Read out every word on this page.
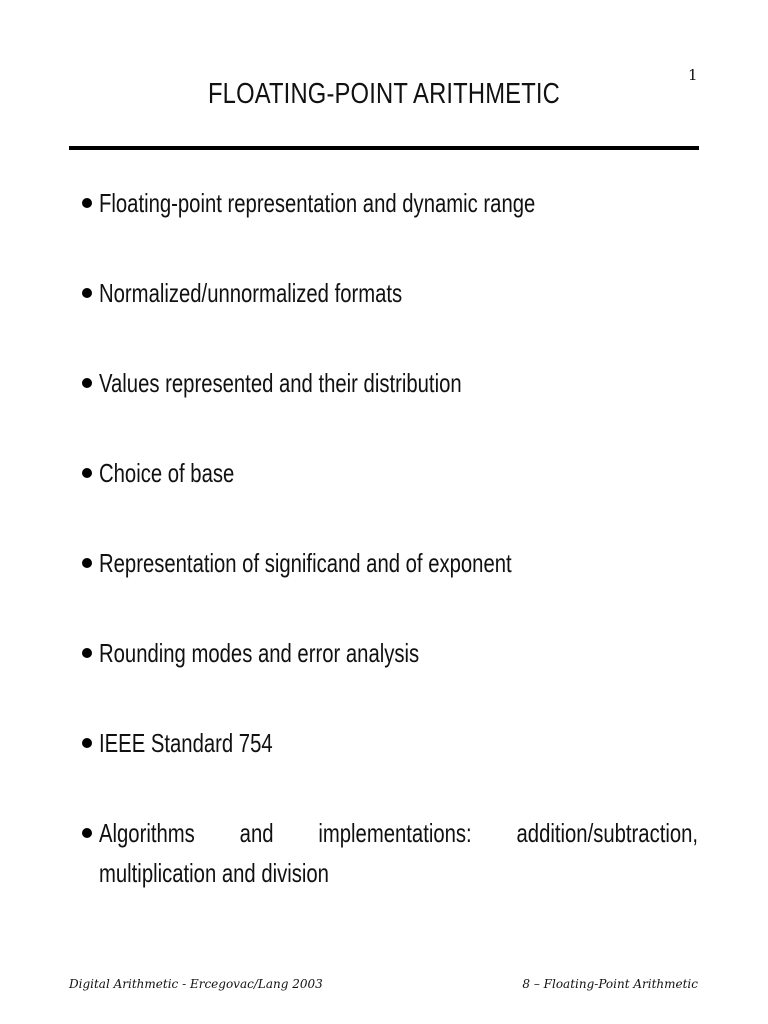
1
FLOATING-POINT ARITHMETIC
Floating-point representation and dynamic range
Normalized/unnormalized formats
Values represented and their distribution
Choice of base
Representation of significand and of exponent
Rounding modes and error analysis
IEEE Standard 754
Algorithms and implementations: addition/subtraction, multiplication and division
Digital Arithmetic - Ercegovac/Lang 2003	8 – Floating-Point Arithmetic
